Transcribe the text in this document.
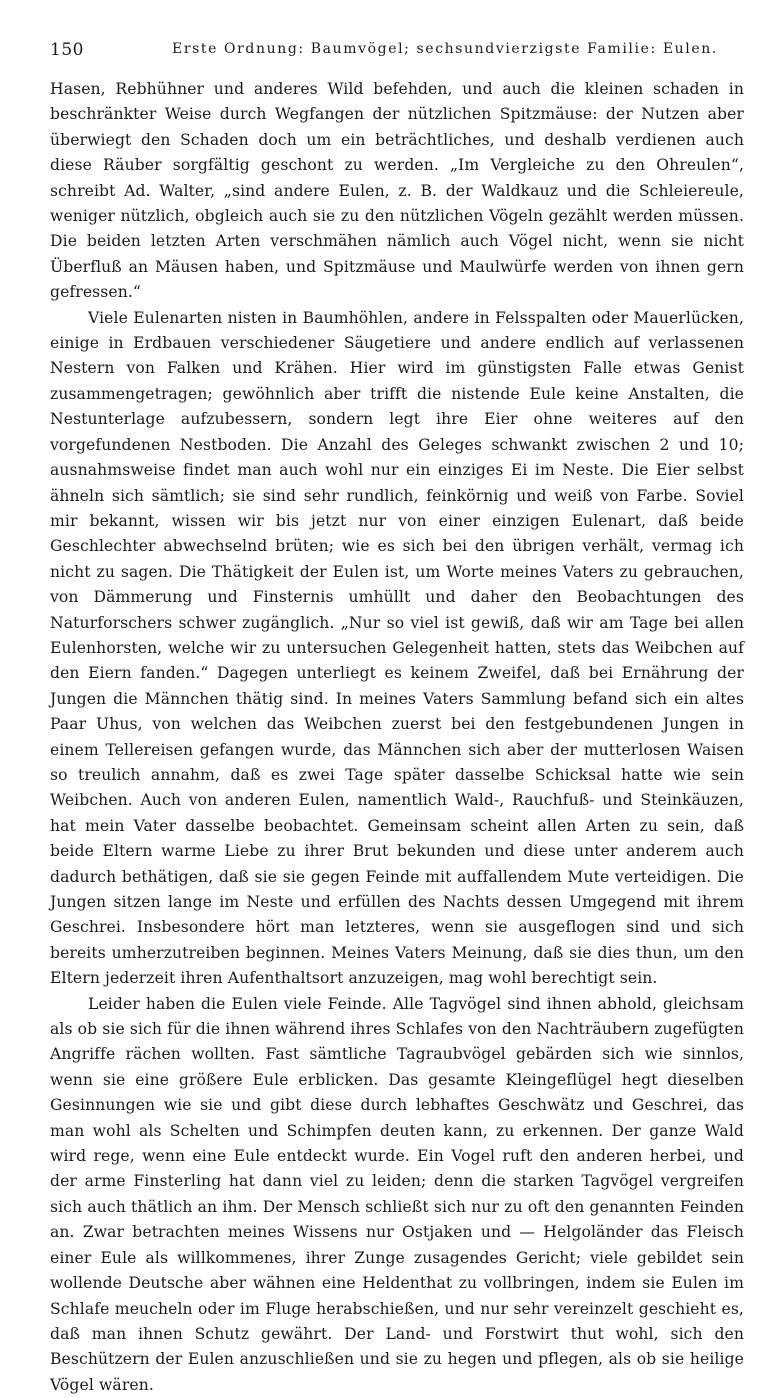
150	Erste Ordnung: Baumvögel; sechsundvierzigste Familie: Eulen.

Hasen, Rebhühner und anderes Wild befehden, und auch die kleinen schaden in beschränkter Weise durch Wegfangen der nützlichen Spitzmäuse: der Nutzen aber überwiegt den Schaden doch um ein beträchtliches, und deshalb verdienen auch diese Räuber sorgfältig geschont zu werden. „Im Vergleiche zu den Ohreulen“, schreibt Ad. Walter, „sind andere Eulen, z. B. der Waldkauz und die Schleiereule, weniger nützlich, obgleich auch sie zu den nützlichen Vögeln gezählt werden müssen. Die beiden letzten Arten verschmähen nämlich auch Vögel nicht, wenn sie nicht Überfluß an Mäusen haben, und Spitzmäuse und Maulwürfe werden von ihnen gern gefressen.“

Viele Eulenarten nisten in Baumhöhlen, andere in Felsspalten oder Mauerlücken, einige in Erdbauen verschiedener Säugetiere und andere endlich auf verlassenen Nestern von Falken und Krähen. Hier wird im günstigsten Falle etwas Genist zusammengetragen; gewöhnlich aber trifft die nistende Eule keine Anstalten, die Nestunterlage aufzubessern, sondern legt ihre Eier ohne weiteres auf den vorgefundenen Nestboden. Die Anzahl des Geleges schwankt zwischen 2 und 10; ausnahmsweise findet man auch wohl nur ein einziges Ei im Neste. Die Eier selbst ähneln sich sämtlich; sie sind sehr rundlich, feinkörnig und weiß von Farbe. Soviel mir bekannt, wissen wir bis jetzt nur von einer einzigen Eulenart, daß beide Geschlechter abwechselnd brüten; wie es sich bei den übrigen verhält, vermag ich nicht zu sagen. Die Thätigkeit der Eulen ist, um Worte meines Vaters zu gebrauchen, von Dämmerung und Finsternis umhüllt und daher den Beobachtungen des Naturforschers schwer zugänglich. „Nur so viel ist gewiß, daß wir am Tage bei allen Eulenhorsten, welche wir zu untersuchen Gelegenheit hatten, stets das Weibchen auf den Eiern fanden.“ Dagegen unterliegt es keinem Zweifel, daß bei Ernährung der Jungen die Männchen thätig sind. In meines Vaters Sammlung befand sich ein altes Paar Uhus, von welchen das Weibchen zuerst bei den festgebundenen Jungen in einem Tellereisen gefangen wurde, das Männchen sich aber der mutterlosen Waisen so treulich annahm, daß es zwei Tage später dasselbe Schicksal hatte wie sein Weibchen. Auch von anderen Eulen, namentlich Wald-, Rauchfuß- und Steinkäuzen, hat mein Vater dasselbe beobachtet. Gemeinsam scheint allen Arten zu sein, daß beide Eltern warme Liebe zu ihrer Brut bekunden und diese unter anderem auch dadurch bethätigen, daß sie sie gegen Feinde mit auffallendem Mute verteidigen. Die Jungen sitzen lange im Neste und erfüllen des Nachts dessen Umgegend mit ihrem Geschrei. Insbesondere hört man letzteres, wenn sie ausgeflogen sind und sich bereits umherzutreiben beginnen. Meines Vaters Meinung, daß sie dies thun, um den Eltern jederzeit ihren Aufenthaltsort anzuzeigen, mag wohl berechtigt sein.

Leider haben die Eulen viele Feinde. Alle Tagvögel sind ihnen abhold, gleichsam als ob sie sich für die ihnen während ihres Schlafes von den Nachträubern zugefügten Angriffe rächen wollten. Fast sämtliche Tagraubvögel gebärden sich wie sinnlos, wenn sie eine größere Eule erblicken. Das gesamte Kleingeflügel hegt dieselben Gesinnungen wie sie und gibt diese durch lebhaftes Geschwätz und Geschrei, das man wohl als Schelten und Schimpfen deuten kann, zu erkennen. Der ganze Wald wird rege, wenn eine Eule entdeckt wurde. Ein Vogel ruft den anderen herbei, und der arme Finsterling hat dann viel zu leiden; denn die starken Tagvögel vergreifen sich auch thätlich an ihm. Der Mensch schließt sich nur zu oft den genannten Feinden an. Zwar betrachten meines Wissens nur Ostjaken und — Helgoländer das Fleisch einer Eule als willkommenes, ihrer Zunge zusagendes Gericht; viele gebildet sein wollende Deutsche aber wähnen eine Heldenthat zu vollbringen, indem sie Eulen im Schlafe meucheln oder im Fluge herabschießen, und nur sehr vereinzelt geschieht es, daß man ihnen Schutz gewährt. Der Land- und Forstwirt thut wohl, sich den Beschützern der Eulen anzuschließen und sie zu hegen und pflegen, als ob sie heilige Vögel wären.
